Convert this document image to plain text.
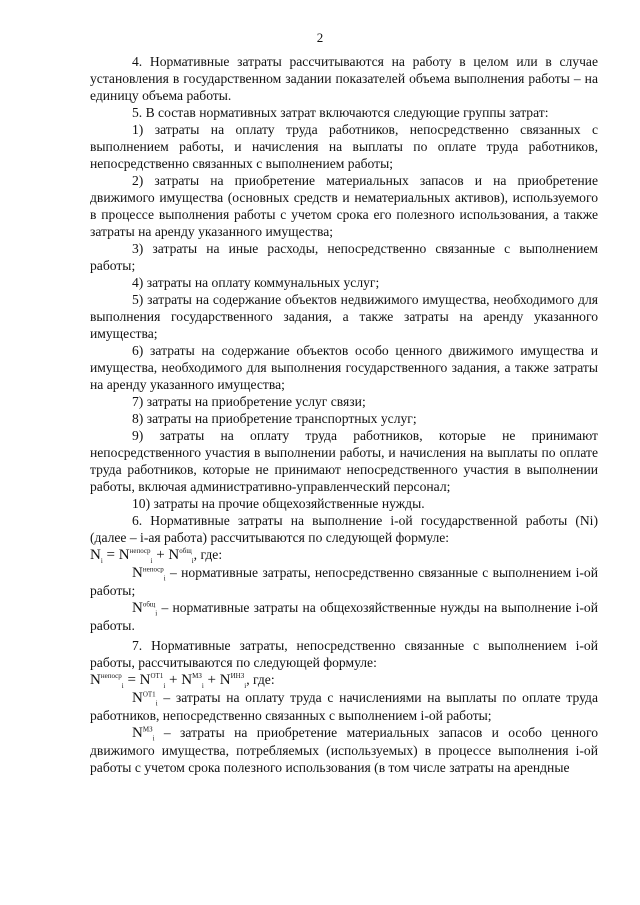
2

4. Нормативные затраты рассчитываются на работу в целом или в случае установления в государственном задании показателей объема выполнения работы – на единицу объема работы.

5. В состав нормативных затрат включаются следующие группы затрат:

1) затраты на оплату труда работников, непосредственно связанных с выполнением работы, и начисления на выплаты по оплате труда работников, непосредственно связанных с выполнением работы;

2) затраты на приобретение материальных запасов и на приобретение движимого имущества (основных средств и нематериальных активов), используемого в процессе выполнения работы с учетом срока его полезного использования, а также затраты на аренду указанного имущества;

3) затраты на иные расходы, непосредственно связанные с выполнением работы;

4) затраты на оплату коммунальных услуг;

5) затраты на содержание объектов недвижимого имущества, необходимого для выполнения государственного задания, а также затраты на аренду указанного имущества;

6) затраты на содержание объектов особо ценного движимого имущества и имущества, необходимого для выполнения государственного задания, а также затраты на аренду указанного имущества;

7) затраты на приобретение услуг связи;

8) затраты на приобретение транспортных услуг;

9) затраты на оплату труда работников, которые не принимают непосредственного участия в выполнении работы, и начисления на выплаты по оплате труда работников, которые не принимают непосредственного участия в выполнении работы, включая административно-управленческий персонал;

10) затраты на прочие общехозяйственные нужды.

6. Нормативные затраты на выполнение i-ой государственной работы (Ni) (далее – i-ая работа) рассчитываются по следующей формуле:

$N_i = N^{непоср}_i + N^{общ}_i$, где:

$N^{непоср}_i$ – нормативные затраты, непосредственно связанные с выполнением i-ой работы;

$N^{общ}_i$ – нормативные затраты на общехозяйственные нужды на выполнение i-ой работы.

7. Нормативные затраты, непосредственно связанные с выполнением i-ой работы, рассчитываются по следующей формуле:

$N^{непоср}_i = N^{ОТ1}_i + N^{МЗ}_i + N^{ИНЗ}_i$, где:

$N^{ОТ1}_i$ – затраты на оплату труда с начислениями на выплаты по оплате труда работников, непосредственно связанных с выполнением i-ой работы;

$N^{МЗ}_i$ – затраты на приобретение материальных запасов и особо ценного движимого имущества, потребляемых (используемых) в процессе выполнения i-ой работы с учетом срока полезного использования (в том числе затраты на арендные
